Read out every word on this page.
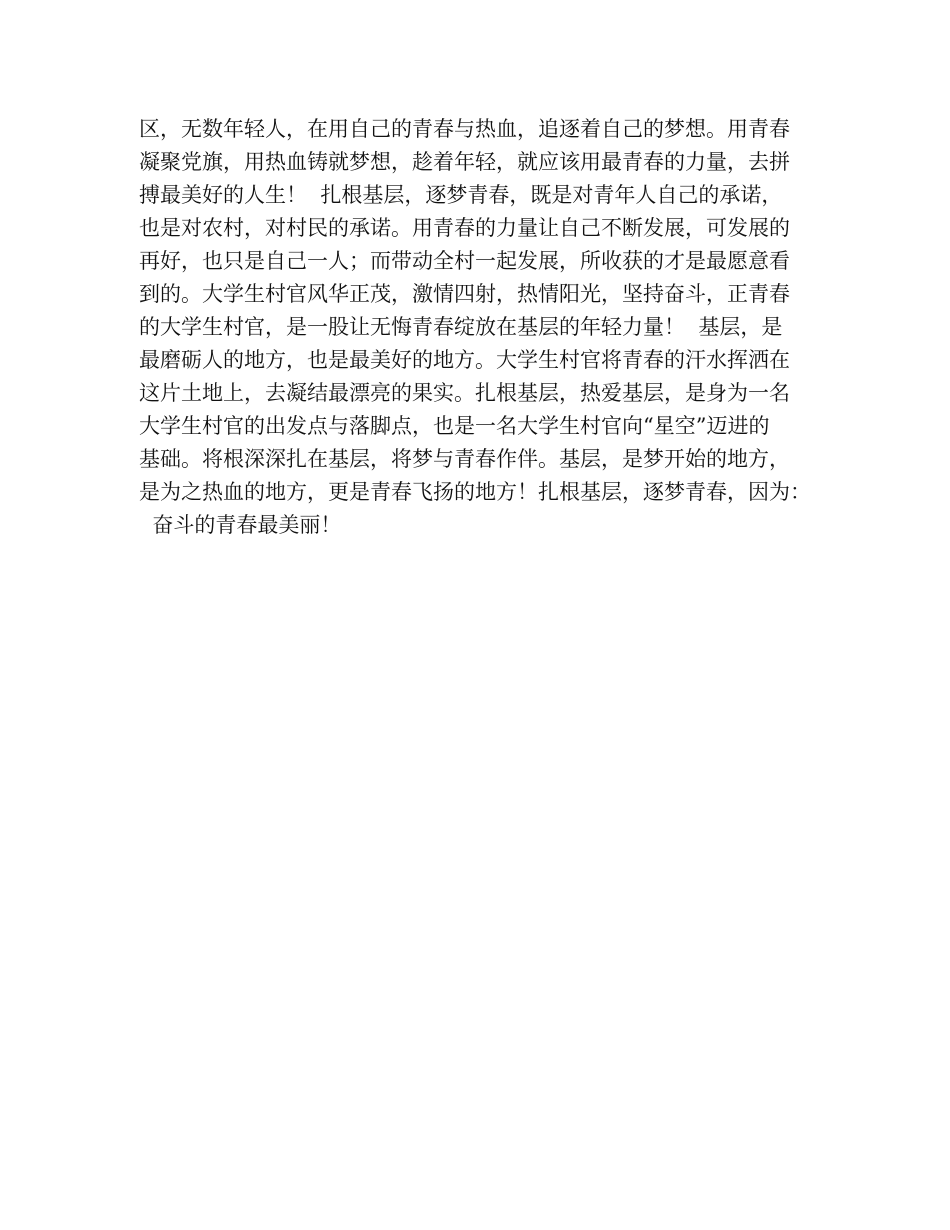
区，无数年轻人，在用自己的青春与热血，追逐着自己的梦想。用青春
凝聚党旗，用热血铸就梦想，趁着年轻，就应该用最青春的力量，去拼
搏最美好的人生！  扎根基层，逐梦青春，既是对青年人自己的承诺，
也是对农村，对村民的承诺。用青春的力量让自己不断发展，可发展的
再好，也只是自己一人；而带动全村一起发展，所收获的才是最愿意看
到的。大学生村官风华正茂，激情四射，热情阳光，坚持奋斗，正青春
的大学生村官，是一股让无悔青春绽放在基层的年轻力量！  基层，是
最磨砺人的地方，也是最美好的地方。大学生村官将青春的汗水挥洒在
这片土地上，去凝结最漂亮的果实。扎根基层，热爱基层，是身为一名
大学生村官的出发点与落脚点，也是一名大学生村官向“星空”迈进的
基础。将根深深扎在基层，将梦与青春作伴。基层，是梦开始的地方，
是为之热血的地方，更是青春飞扬的地方！扎根基层，逐梦青春，因为：
奋斗的青春最美丽！
